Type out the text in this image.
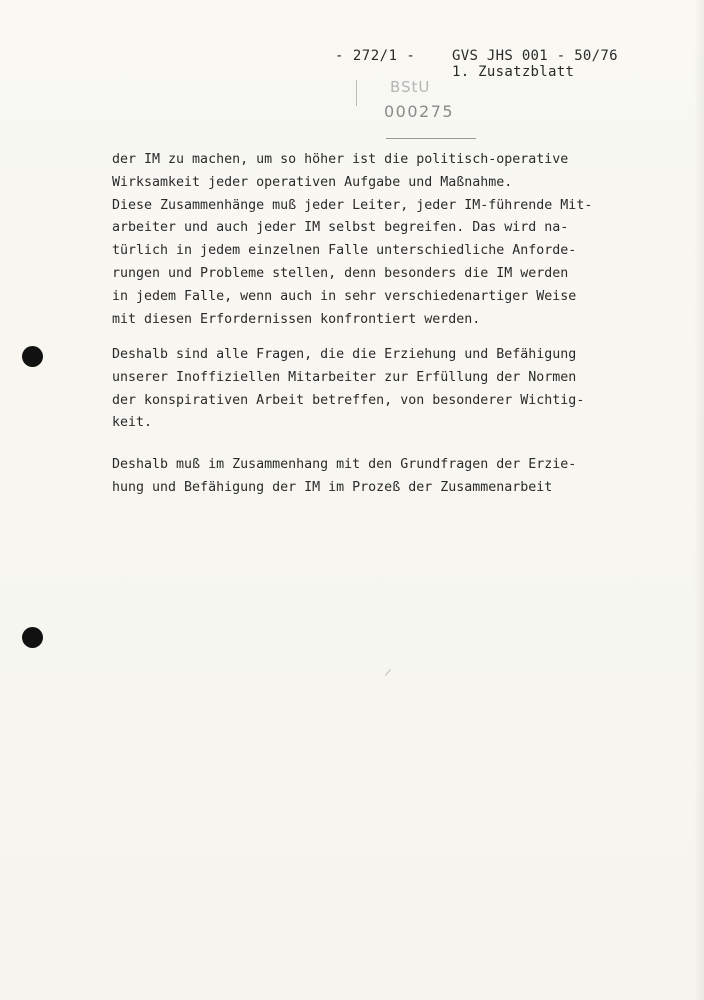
- 272/1 -	GVS JHS 001 - 50/76
1. Zusatzblatt
BStU
000275
der IM zu machen, um so höher ist die politisch-operative
Wirksamkeit jeder operativen Aufgabe und Maßnahme.
Diese Zusammenhänge muß jeder Leiter, jeder IM-führende Mit-
arbeiter und auch jeder IM selbst begreifen. Das wird na-
türlich in jedem einzelnen Falle unterschiedliche Anforde-
rungen und Probleme stellen, denn besonders die IM werden
in jedem Falle, wenn auch in sehr verschiedenartiger Weise
mit diesen Erfordernissen konfrontiert werden.
Deshalb sind alle Fragen, die die Erziehung und Befähigung
unserer Inoffiziellen Mitarbeiter zur Erfüllung der Normen
der konspirativen Arbeit betreffen, von besonderer Wichtig-
keit.
Deshalb muß im Zusammenhang mit den Grundfragen der Erzie-
hung und Befähigung der IM im Prozeß der Zusammenarbeit
